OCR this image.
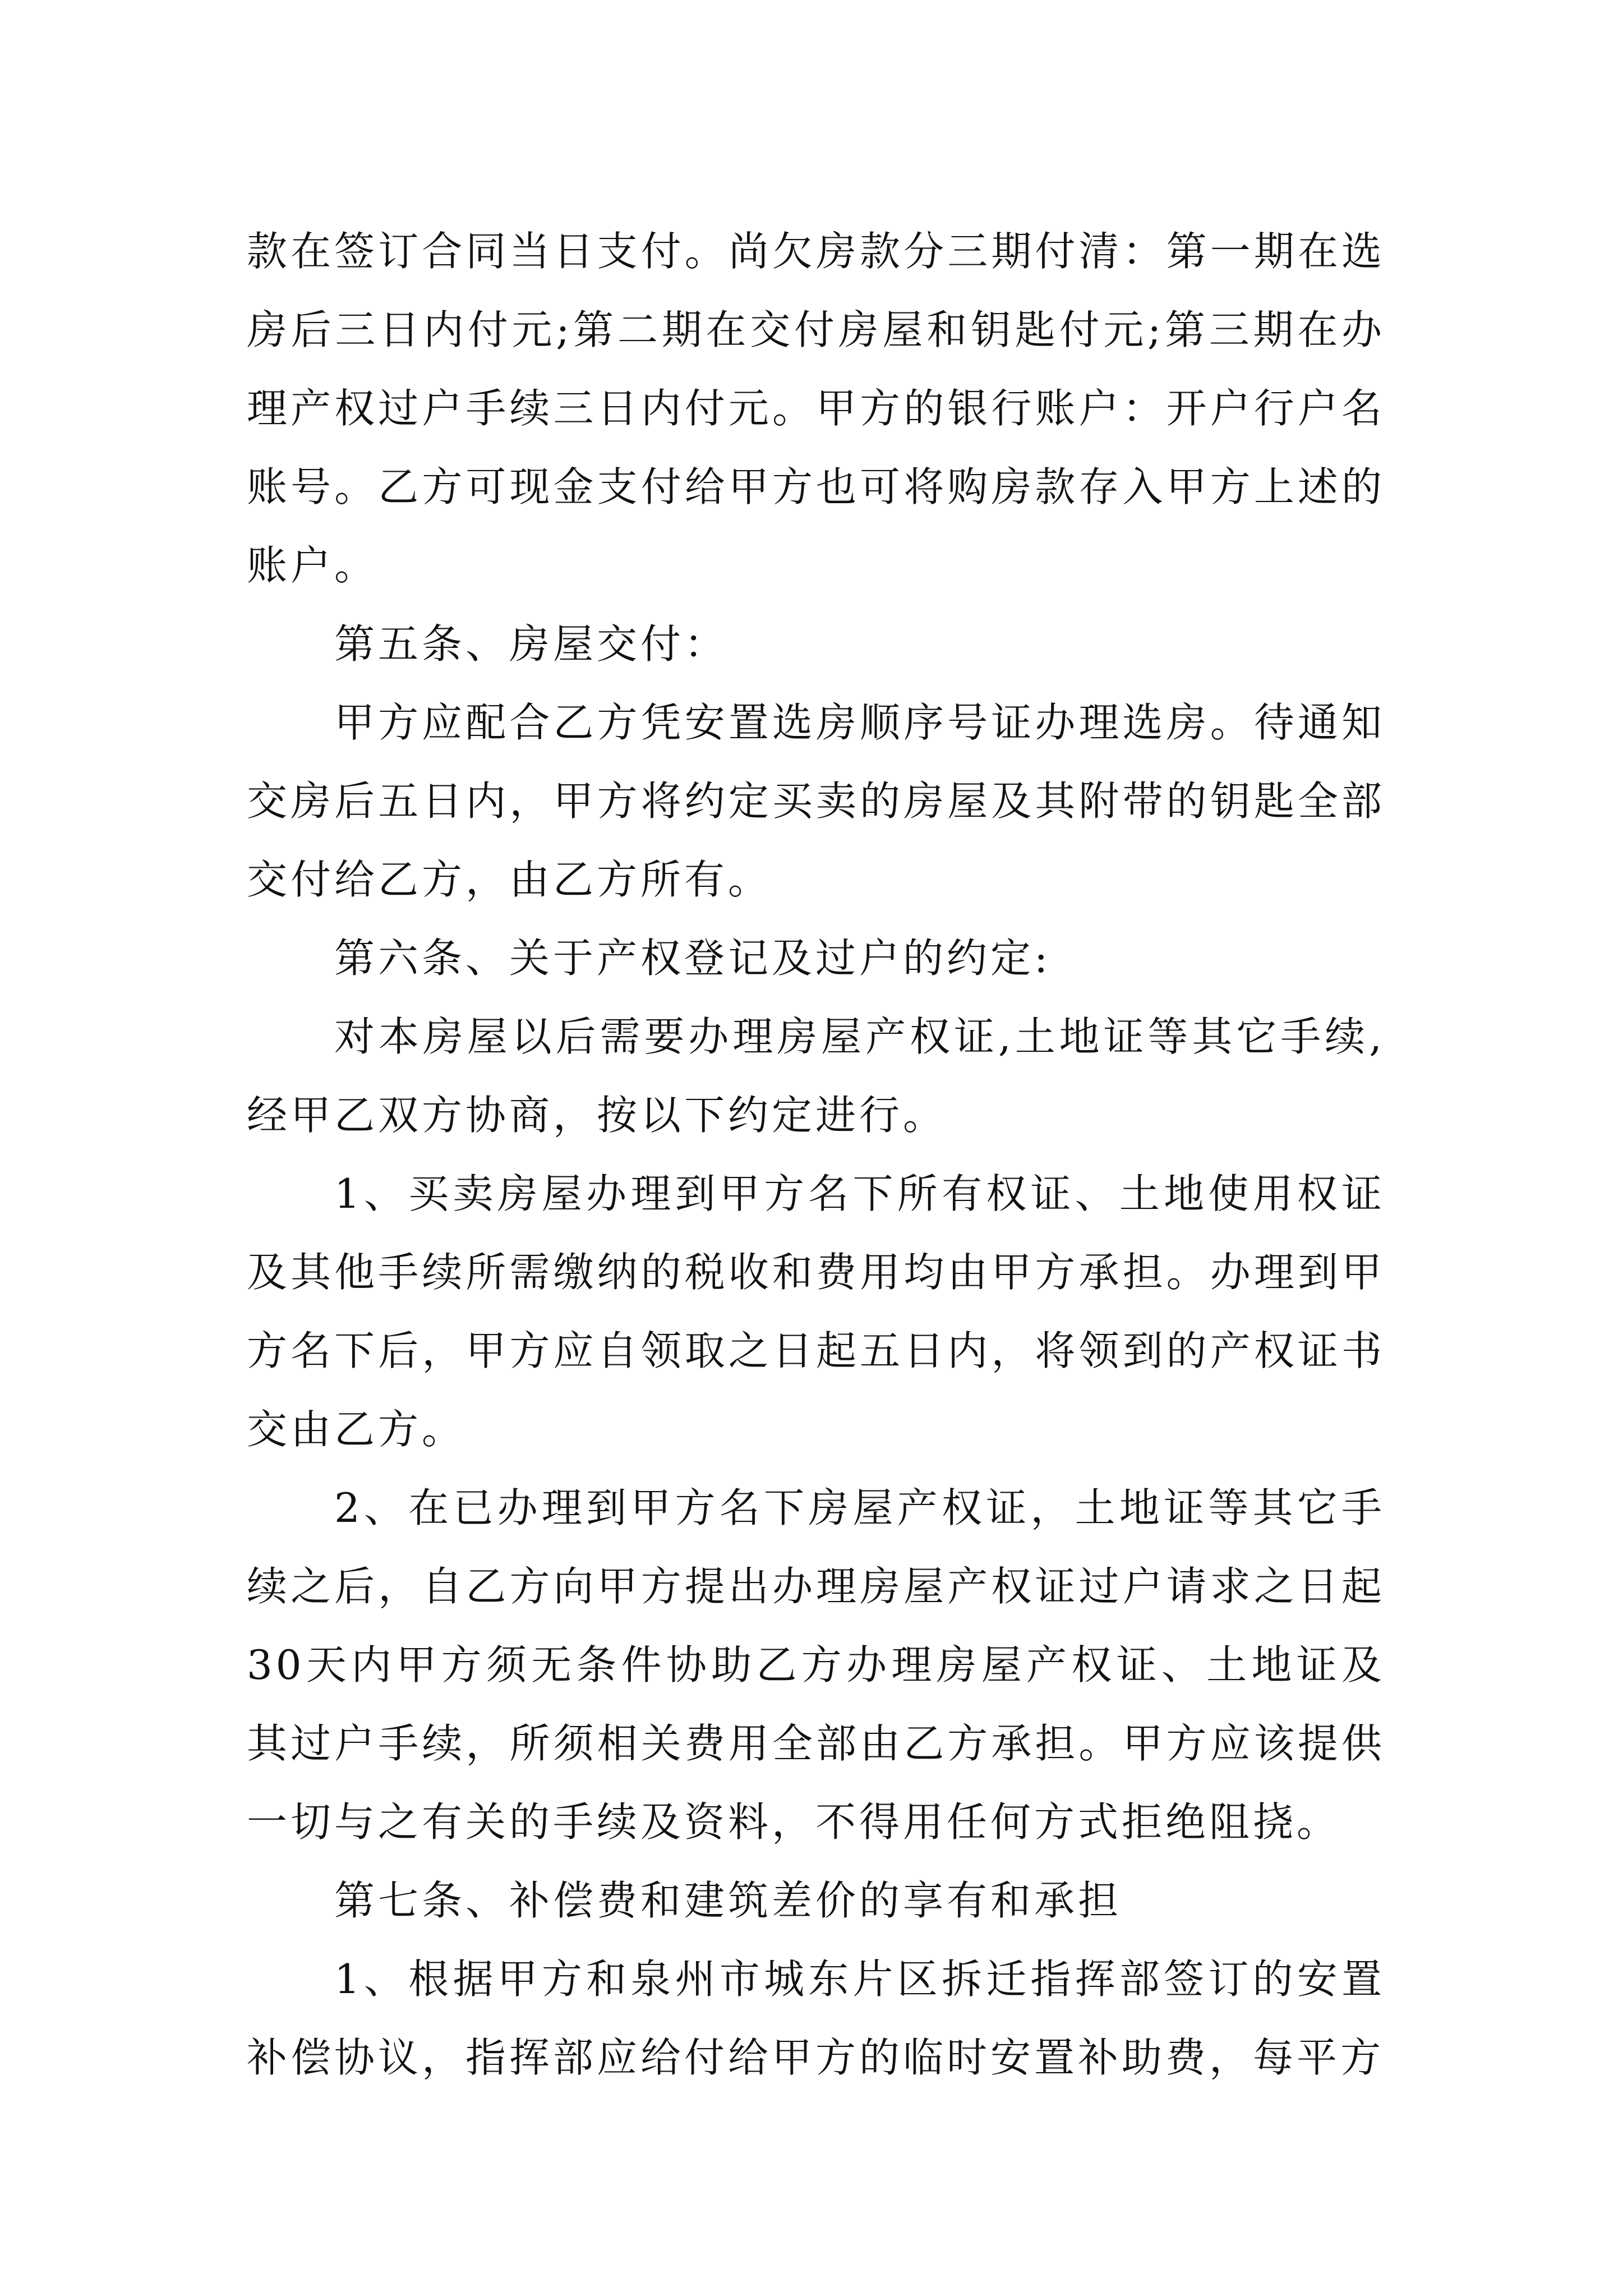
款在签订合同当日支付。尚欠房款分三期付清：第一期在选房后三日内付元;第二期在交付房屋和钥匙付元;第三期在办理产权过户手续三日内付元。甲方的银行账户：开户行户名账号。乙方可现金支付给甲方也可将购房款存入甲方上述的账户。

第五条、房屋交付：

甲方应配合乙方凭安置选房顺序号证办理选房。待通知交房后五日内，甲方将约定买卖的房屋及其附带的钥匙全部交付给乙方，由乙方所有。

第六条、关于产权登记及过户的约定:

对本房屋以后需要办理房屋产权证,土地证等其它手续,经甲乙双方协商，按以下约定进行。

1、买卖房屋办理到甲方名下所有权证、土地使用权证及其他手续所需缴纳的税收和费用均由甲方承担。办理到甲方名下后，甲方应自领取之日起五日内，将领到的产权证书交由乙方。

2、在已办理到甲方名下房屋产权证，土地证等其它手续之后，自乙方向甲方提出办理房屋产权证过户请求之日起30天内甲方须无条件协助乙方办理房屋产权证、土地证及其过户手续，所须相关费用全部由乙方承担。甲方应该提供一切与之有关的手续及资料，不得用任何方式拒绝阻挠。

第七条、补偿费和建筑差价的享有和承担

1、根据甲方和泉州市城东片区拆迁指挥部签订的安置补偿协议，指挥部应给付给甲方的临时安置补助费，每平方
